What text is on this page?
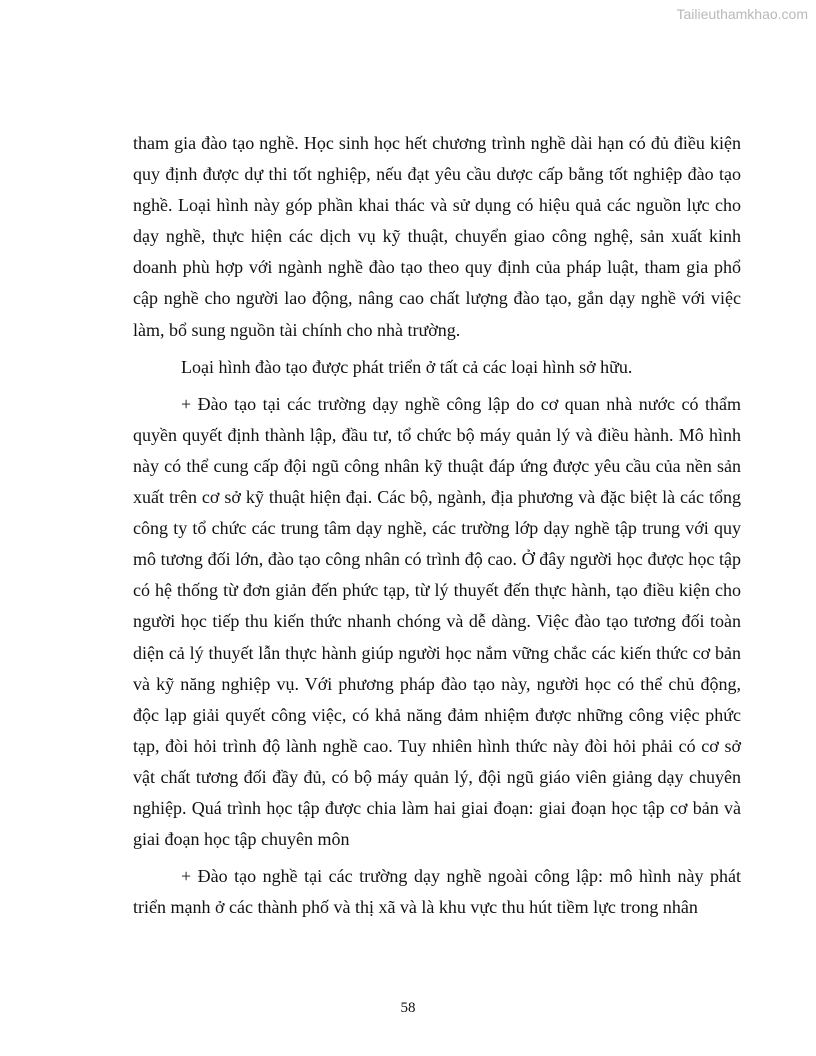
Tailieuthamkhao.com

tham gia đào tạo nghề. Học sinh học hết chương trình nghề dài hạn có đủ điều kiện quy định được dự thi tốt nghiệp, nếu đạt yêu cầu dược cấp bằng tốt nghiệp đào tạo nghề. Loại hình này góp phần khai thác và sử dụng có hiệu quả các nguồn lực cho dạy nghề, thực hiện các dịch vụ kỹ thuật, chuyển giao công nghệ, sản xuất kinh doanh phù hợp với ngành nghề đào tạo theo quy định của pháp luật, tham gia phổ cập nghề cho người lao động, nâng cao chất lượng đào tạo, gắn dạy nghề với việc làm, bổ sung nguồn tài chính cho nhà trường.

Loại hình đào tạo được phát triển ở tất cả các loại hình sở hữu.

+ Đào tạo tại các trường dạy nghề công lập do cơ quan nhà nước có thẩm quyền quyết định thành lập, đầu tư, tổ chức bộ máy quản lý và điều hành. Mô hình này có thể cung cấp đội ngũ công nhân kỹ thuật đáp ứng được yêu cầu của nền sản xuất trên cơ sở kỹ thuật hiện đại. Các bộ, ngành, địa phương và đặc biệt là các tổng công ty tổ chức các trung tâm dạy nghề, các trường lớp dạy nghề tập trung với quy mô tương đối lớn, đào tạo công nhân có trình độ cao. Ở đây người học được học tập có hệ thống từ đơn giản đến phức tạp, từ lý thuyết đến thực hành, tạo điều kiện cho người học tiếp thu kiến thức nhanh chóng và dễ dàng. Việc đào tạo tương đối toàn diện cả lý thuyết lẫn thực hành giúp người học nắm vững chắc các kiến thức cơ bản và kỹ năng nghiệp vụ. Với phương pháp đào tạo này, người học có thể chủ động, độc lạp giải quyết công việc, có khả năng đảm nhiệm được những công việc phức tạp, đòi hỏi trình độ lành nghề cao. Tuy nhiên hình thức này đòi hỏi phải có cơ sở vật chất tương đối đầy đủ, có bộ máy quản lý, đội ngũ giáo viên giảng dạy chuyên nghiệp. Quá trình học tập được chia làm hai giai đoạn: giai đoạn học tập cơ bản và giai đoạn học tập chuyên môn

+ Đào tạo nghề tại các trường dạy nghề ngoài công lập: mô hình này phát triển mạnh ở các thành phố và thị xã và là khu vực thu hút tiềm lực trong nhân

58
